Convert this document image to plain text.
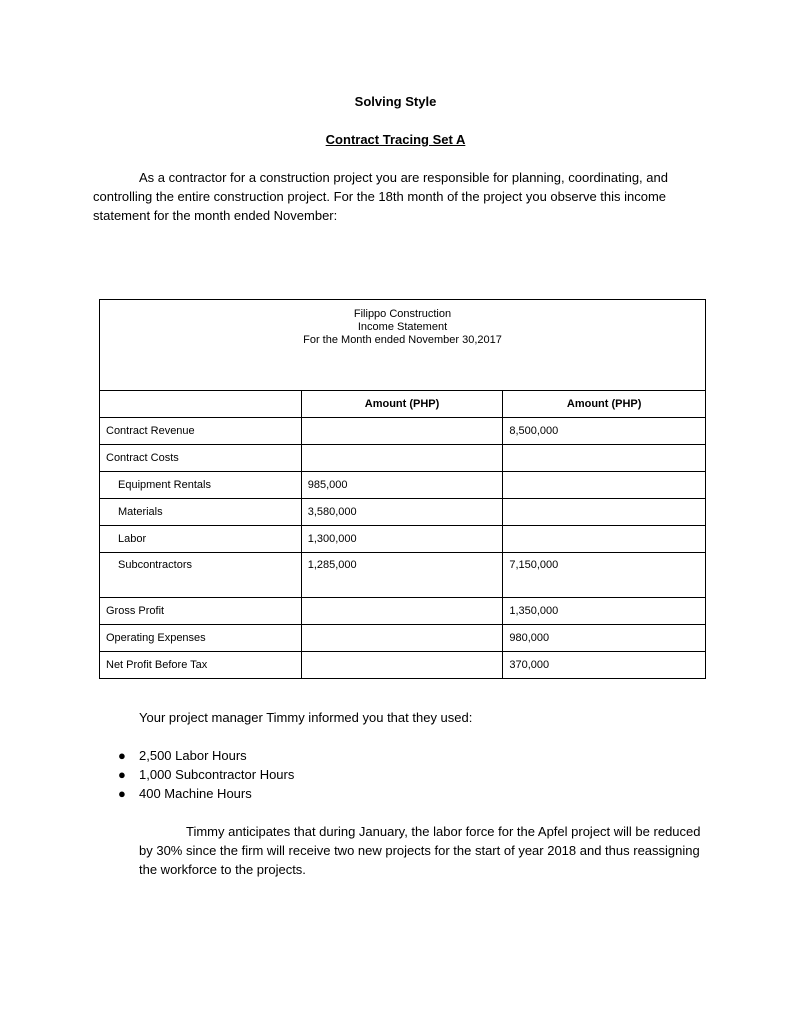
Solving Style
Contract Tracing Set A

As a contractor for a construction project you are responsible for planning, coordinating, and controlling the entire construction project. For the 18th month of the project you observe this income statement for the month ended November:

Filippo Construction
Income Statement
For the Month ended November 30,2017		

	Amount (PHP)	Amount (PHP)
Contract Revenue		8,500,000
Contract Costs		
Equipment Rentals	985,000	
Materials	3,580,000	
Labor	1,300,000	
Subcontractors	1,285,000	7,150,000
Gross Profit		1,350,000
Operating Expenses		980,000
Net Profit Before Tax		370,000
Your project manager Timmy informed you that they used:
● 2,500 Labor Hours
● 1,000 Subcontractor Hours
● 400 Machine Hours

Timmy anticipates that during January, the labor force for the Apfel project will be reduced by 30% since the firm will receive two new projects for the start of year 2018 and thus reassigning the workforce to the projects.
